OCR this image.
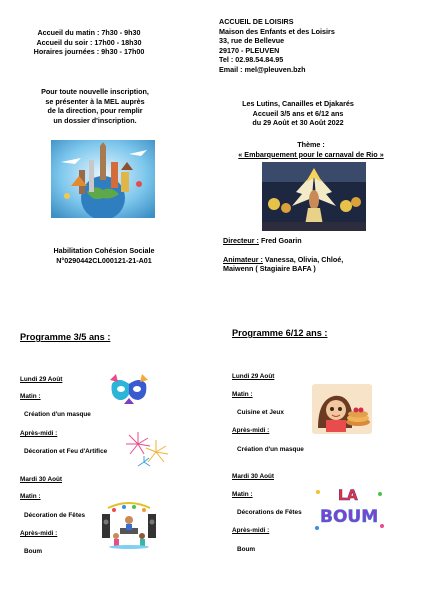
Accueil du matin : 7h30 - 9h30
Accueil du soir : 17h00 - 18h30
Horaires journées : 9h30 - 17h00
ACCUEIL DE LOISIRS
Maison des Enfants et des Loisirs
33, rue de Bellevue
29170 - PLEUVEN
Tel : 02.98.54.84.95
Email : mel@pleuven.bzh
Pour toute nouvelle inscription,
se présenter à la MEL auprès
de la direction, pour remplir
un dossier d'inscription.
Les Lutins, Canailles et Djakarés
Accueil 3/5 ans et 6/12 ans
du 29 Août et 30 Août 2022
Thème :
« Embarquement pour le carnaval de Rio »
Habilitation Cohésion Sociale
N°0290442CL000121-21-A01
Directeur : Fred Goarin
Animateur : Vanessa, Olivia, Chloé,
Maiwenn ( Stagiaire BAFA )
Programme 3/5 ans :
Lundi 29 Août
Matin :
Création d'un masque
Après-midi :
Décoration et Feu d'Artifice
Mardi 30 Août
Matin :
Décoration de Fêtes
Après-midi :
Boum
Programme 6/12 ans :
Lundi 29 Août
Matin :
Cuisine et Jeux
Après-midi :
Création d'un masque
Mardi 30 Août
Matin :
Décorations de Fêtes
Après-midi :
Boum
LA
BOUM
